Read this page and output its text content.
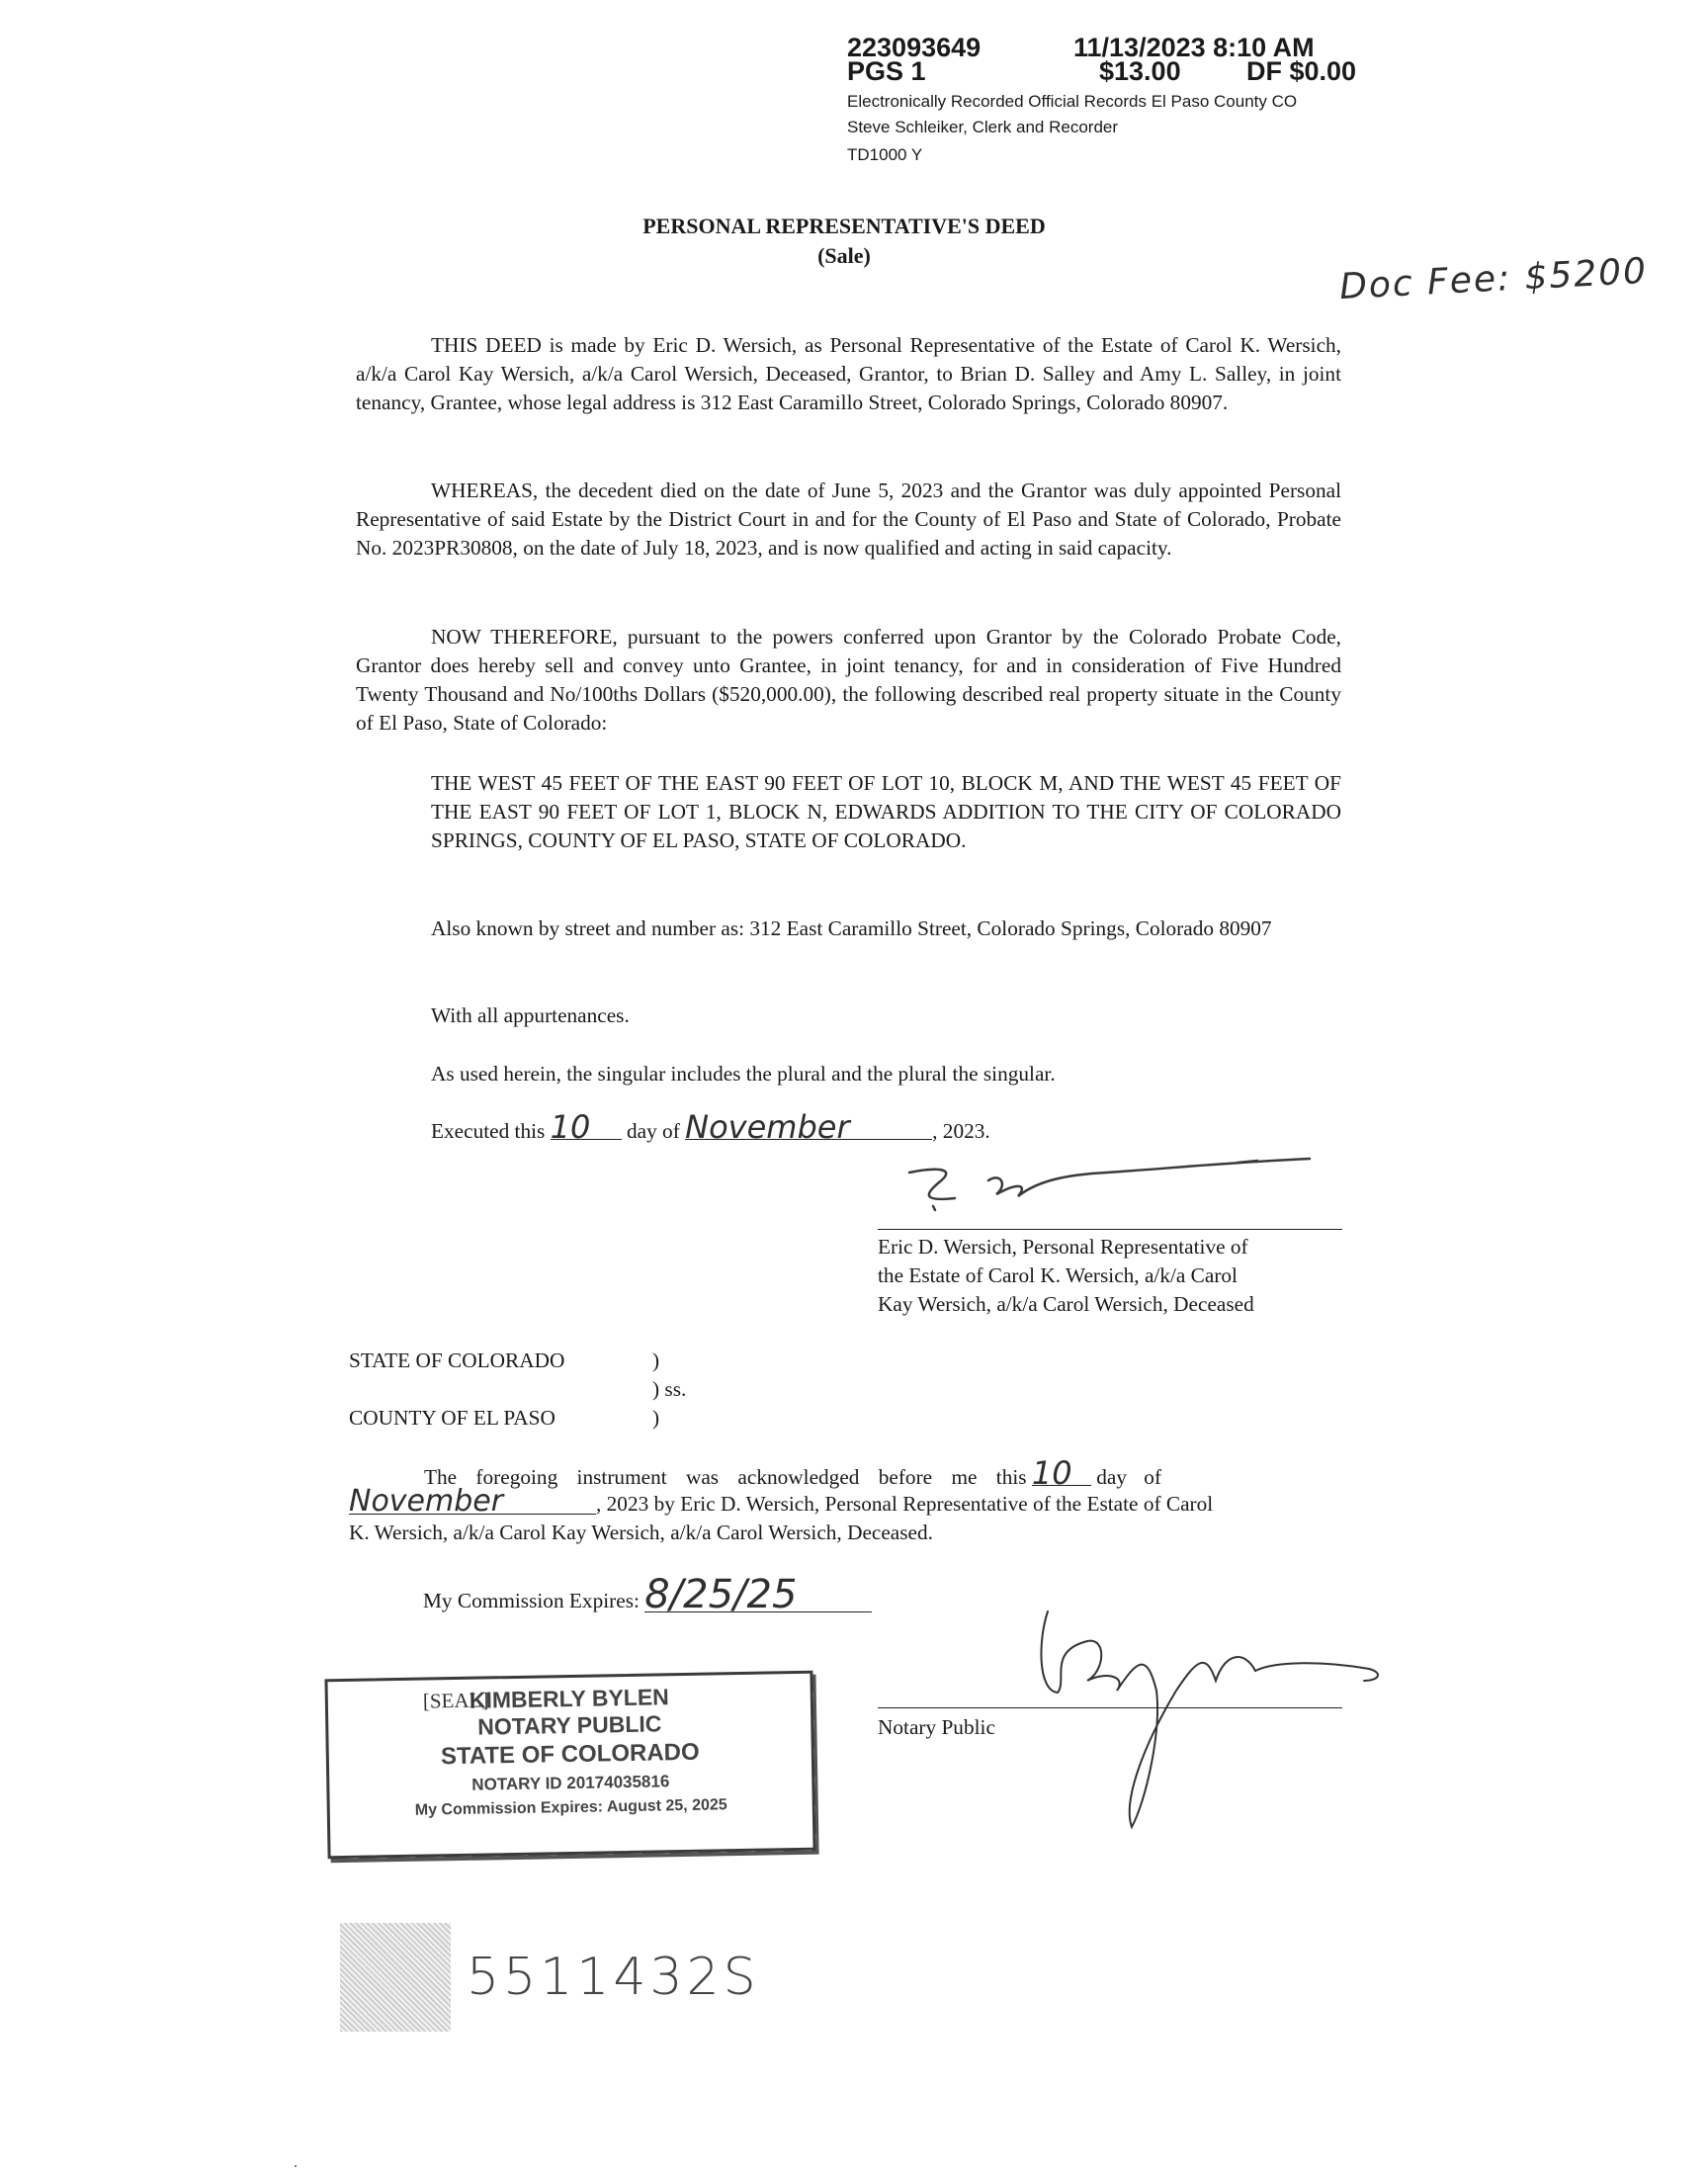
223093649	11/13/2023 8:10 AM
PGS 1	$13.00 DF $0.00
Electronically Recorded Official Records El Paso County CO
Steve Schleiker, Clerk and Recorder
TD1000 Y
PERSONAL REPRESENTATIVE'S DEED
(Sale)	Doc Fee: $5200
THIS DEED is made by Eric D. Wersich, as Personal Representative of the Estate of Carol K. Wersich, a/k/a Carol Kay Wersich, a/k/a Carol Wersich, Deceased, Grantor, to Brian D. Salley and Amy L. Salley, in joint tenancy, Grantee, whose legal address is 312 East Caramillo Street, Colorado Springs, Colorado 80907.
WHEREAS, the decedent died on the date of June 5, 2023 and the Grantor was duly appointed Personal Representative of said Estate by the District Court in and for the County of El Paso and State of Colorado, Probate No. 2023PR30808, on the date of July 18, 2023, and is now qualified and acting in said capacity.
NOW THEREFORE, pursuant to the powers conferred upon Grantor by the Colorado Probate Code, Grantor does hereby sell and convey unto Grantee, in joint tenancy, for and in consideration of Five Hundred Twenty Thousand and No/100ths Dollars ($520,000.00), the following described real property situate in the County of El Paso, State of Colorado:
THE WEST 45 FEET OF THE EAST 90 FEET OF LOT 10, BLOCK M, AND THE WEST 45 FEET OF THE EAST 90 FEET OF LOT 1, BLOCK N, EDWARDS ADDITION TO THE CITY OF COLORADO SPRINGS, COUNTY OF EL PASO, STATE OF COLORADO.
Also known by street and number as: 312 East Caramillo Street, Colorado Springs, Colorado 80907
With all appurtenances.
As used herein, the singular includes the plural and the plural the singular.
Executed this 10 day of November	, 2023.
Eric D. Wersich, Personal Representative of
the Estate of Carol K. Wersich, a/k/a Carol
Kay Wersich, a/k/a Carol Wersich, Deceased
STATE OF COLORADO	)
) ss.
COUNTY OF EL PASO	)
The foregoing instrument was acknowledged before me this 10 day of
November	, 2023 by Eric D. Wersich, Personal Representative of the Estate of Carol
K. Wersich, a/k/a Carol Kay Wersich, a/k/a Carol Wersich, Deceased.
My Commission Expires: 8/25/25
Notary Public
[SEAL]
KIMBERLY BYLEN
NOTARY PUBLIC
STATE OF COLORADO
NOTARY ID 20174035816
My Commission Expires: August 25, 2025
5511432S
